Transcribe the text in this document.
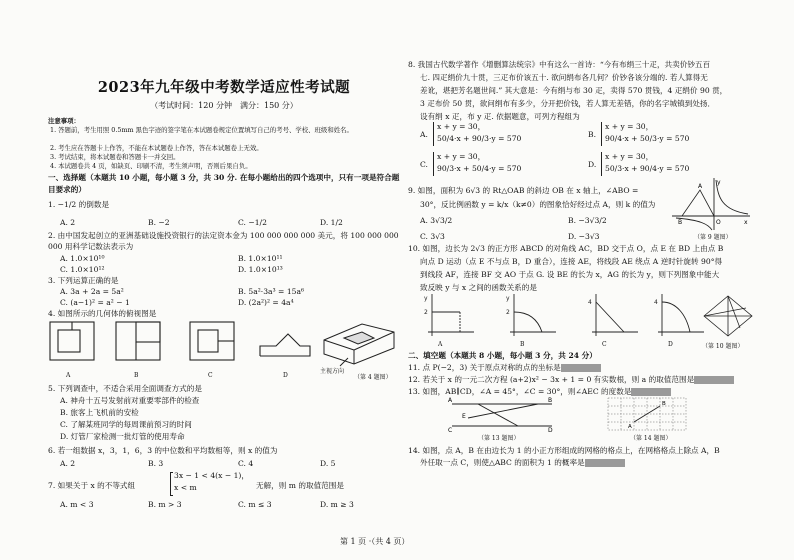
2023年九年级中考数学适应性考试题
（考试时间：120 分钟　满分：150 分）
注意事项：
1. 答题前，考生用照 0.5mm 黑色字迹的签字笔在本试题卷规定位置填写自己的考号、学校、班级和姓名。
2. 考生应在答题卡上作答，不能在本试题卷上作答，答在本试题卷上无效。
3. 考试结束，将本试题卷和答题卡一并交回。
4. 本试题卷共 4 页，如缺页、印刷不清，考生须声明，否则后果自负。
一、选择题（本题共 10 小题，每小题 3 分，共 30 分. 在每小题给出的四个选项中，只有一项是符合题目要求的）
1. −1/2 的倒数是
A. 2	B. −2	C. −1/2	D. 1/2
2. 由中国发起创立的亚洲基础设施投资银行的法定资本金为 100 000 000 000 美元，将 100 000 000 000 用科学记数法表示为
A. 1.0×10¹⁰	B. 1.0×10¹¹
C. 1.0×10¹²	D. 1.0×10¹³
3. 下列运算正确的是
A. 3a + 2a = 5a²	B. 5a²·3a³ = 15a⁶
C. (a−1)² = a² − 1	D. (2a²)² = 4a⁴
4. 如图所示的几何体的俯视图是
A	B	C	D
主视方向
（第 4 题图）
5. 下列调查中，不适合采用全面调查方式的是
A. 神舟十五号发射前对重要零部件的检查
B. 旅客上飞机前的安检
C. 了解某班同学的每周课前预习的时间
D. 灯管厂家检测一批灯管的使用寿命
6. 若一组数据 x，3，1，6，3 的中位数和平均数相等，则 x 的值为
A. 2	B. 3	C. 4	D. 5
7. 如果关于 x 的不等式组
3x − 1 < 4(x − 1)，
x < m	无解，则 m 的取值范围是
A. m < 3	B. m > 3	C. m ≤ 3	D. m ≥ 3
8. 我国古代数学著作《增删算法统宗》中有这么一首诗：“今有布绢三十疋，共卖价钞五百
七. 四疋绢价九十贯，三疋布价该五十. 欲问绢布各几何？价钞各该分端的. 若人算得无
差讹，堪把芳名题世间.” 其大意是：今有绢与布 30 疋，卖得 570 贯钱，4 疋绢价 90 贯，
3 疋布价 50 贯，欲问绢布有多少，分开把价钱，若人算无差错，你的名字城镇到处扬．
设有绢 x 疋，布 y 疋. 依据题意，可列方程组为
A.
x + y = 30，
50/4·x + 90/3·y = 570	B.
x + y = 30，
90/4·x + 50/3·y = 570
C.
x + y = 30，
90/3·x + 50/4·y = 570	D.
x + y = 30，
50/3·x + 90/4·y = 570
9. 如图，面积为 6√3 的 Rt△OAB 的斜边 OB 在 x 轴上，∠ABO =
30°，反比例函数 y = k/x（k≠0）的图象恰好经过点 A，则 k 的值为
A. 3√3/2	B. −3√3/2
C. 3√3	D. −3√3
B	O
A
x
y
（第 9 题图）
10. 如图，边长为 2√3 的正方形 ABCD 的对角线 AC，BD 交于点 O，点 E 在 BD 上由点 B
向点 D 运动（点 E 不与点 B，D 重合），连接 AE，将线段 AE 绕点 A 逆时针旋转 90°得
到线段 AF，连接 BF 交 AO 于点 G. 设 BE 的长为 x，AG 的长为 y，则下列图象中能大
致反映 y 与 x 之间的函数关系的是
2
y
2
y
4	4
A	B	C	D	（第 10 题图）
二、填空题（本题共 8 小题，每小题 3 分，共 24 分）
11. 点 P(−2，3) 关于原点对称的点的坐标是
12. 若关于 x 的一元二次方程 (a+2)x² − 3x + 1 = 0 有实数根，则 a 的取值范围是
13. 如图，AB∥CD，∠A = 45°，∠C = 30°，则∠AEC 的度数是
A	B
C	D
E
（第 13 题图）
A
B
（第 14 题图）
14. 如图，点 A，B 在由边长为 1 的小正方形组成的网格的格点上，在网格格点上除点 A，B
外任取一点 C，则使△ABC 的面积为 1 的概率是
第 1 页 ·（共 4 页）
